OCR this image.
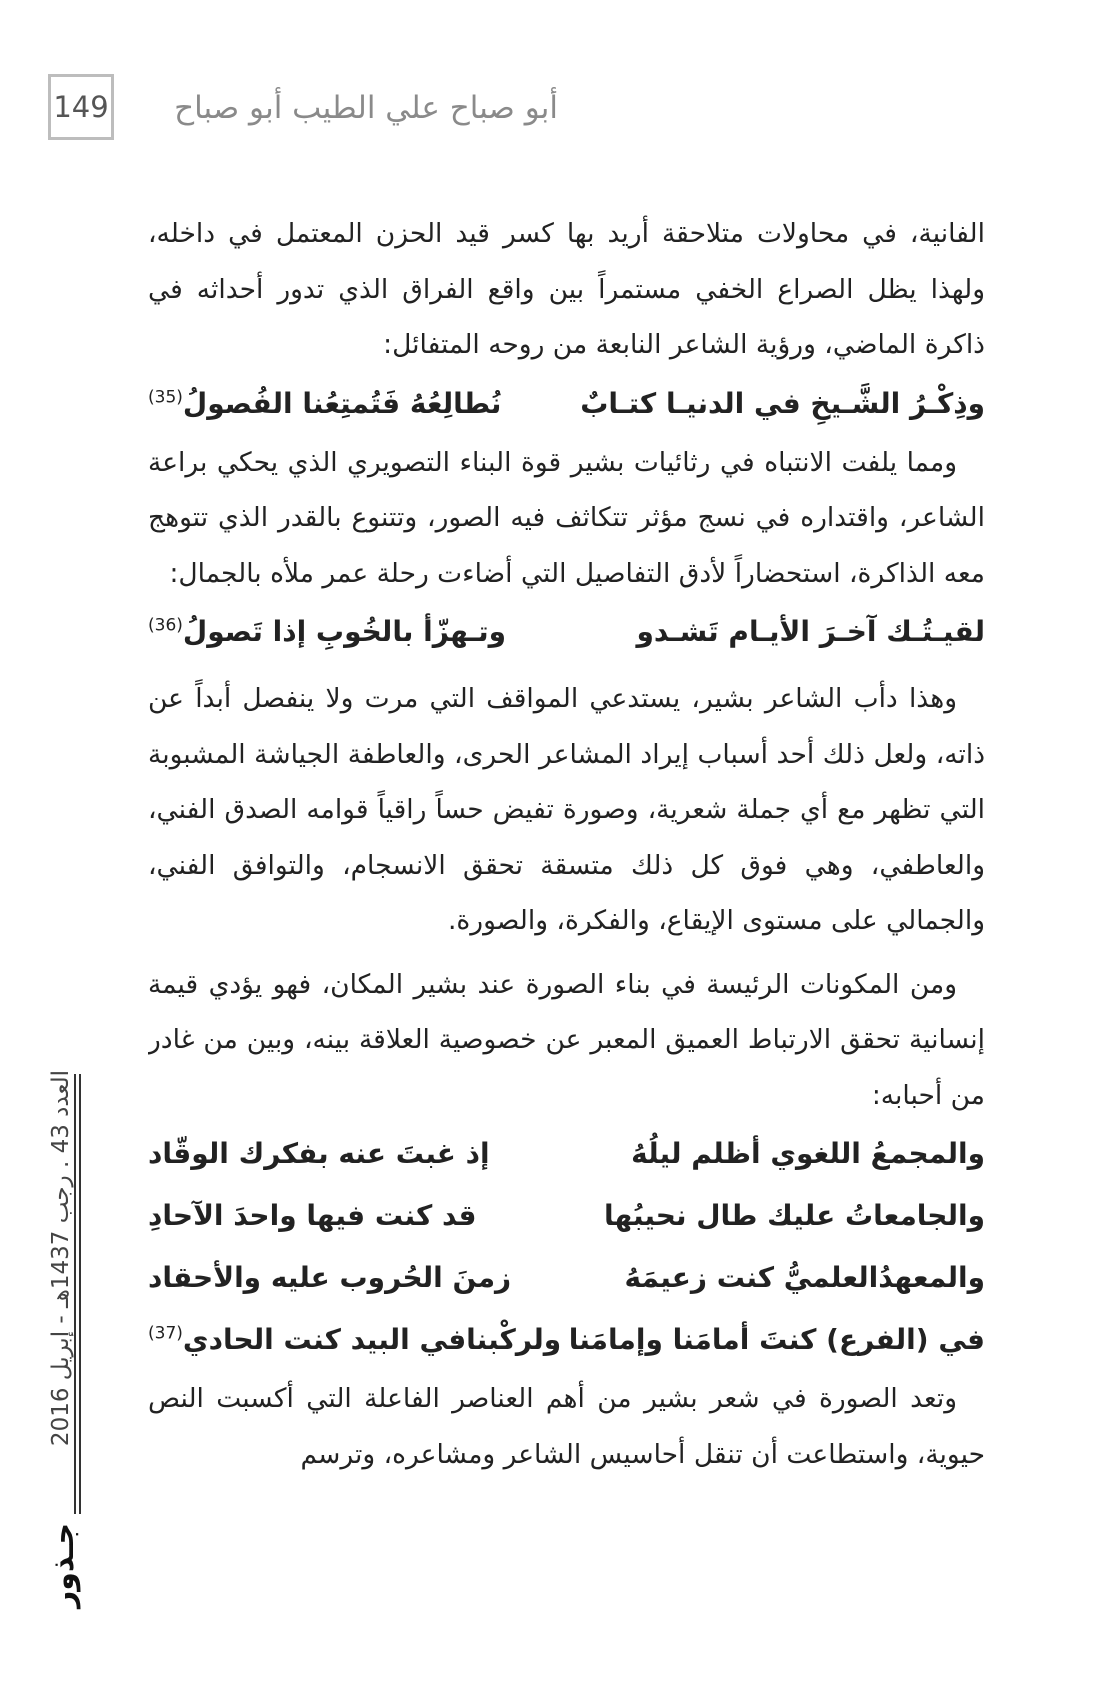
149	أبو صباح علي الطيب أبو صباح

الفانية، في محاولات متلاحقة أريد بها كسر قيد الحزن المعتمل في داخله، ولهذا يظل الصراع الخفي مستمراً بين واقع الفراق الذي تدور أحداثه في ذاكرة الماضي، ورؤية الشاعر النابعة من روحه المتفائل:

وذِكْـرُ الشَّـيخِ في الدنيـا كتـابٌ
نُطالِعُهُ فَتُمتِعُنا الفُصولُ$^{(35)}$

ومما يلفت الانتباه في رثائيات بشير قوة البناء التصويري الذي يحكي براعة الشاعر، واقتداره في نسج مؤثر تتكاثف فيه الصور، وتتنوع بالقدر الذي تتوهج معه الذاكرة، استحضاراً لأدق التفاصيل التي أضاءت رحلة عمر ملأه بالجمال:

لقيـتُـك آخـرَ الأيـام تَشـدو
وتـهزّأ بالخُوبِ إذا تَصولُ$^{(36)}$

وهذا دأب الشاعر بشير، يستدعي المواقف التي مرت ولا ينفصل أبداً عن ذاته، ولعل ذلك أحد أسباب إيراد المشاعر الحرى، والعاطفة الجياشة المشبوبة التي تظهر مع أي جملة شعرية، وصورة تفيض حساً راقياً قوامه الصدق الفني، والعاطفي، وهي فوق كل ذلك متسقة تحقق الانسجام، والتوافق الفني، والجمالي على مستوى الإيقاع، والفكرة، والصورة.

ومن المكونات الرئيسة في بناء الصورة عند بشير المكان، فهو يؤدي قيمة إنسانية تحقق الارتباط العميق المعبر عن خصوصية العلاقة بينه، وبين من غادر من أحبابه:

والمجمعُ اللغوي أظلم ليلُهُ
إذ غبتَ عنه بفكرك الوقّاد
والجامعاتُ عليك طال نحيبُها
قد كنت فيها واحدَ الآحادِ
والمعهدُالعلميُّ كنت زعيمَهُ
زمنَ الحُروب عليه والأحقاد
في (الفرع) كنتَ أمامَنا وإمامَنا
ولركْبنافي البيد كنت الحادي$^{(37)}$

وتعد الصورة في شعر بشير من أهم العناصر الفاعلة التي أكسبت النص حيوية، واستطاعت أن تنقل أحاسيس الشاعر ومشاعره، وترسم

العدد 43 . رجب 1437هـ - إبريل 2016
جـذور
